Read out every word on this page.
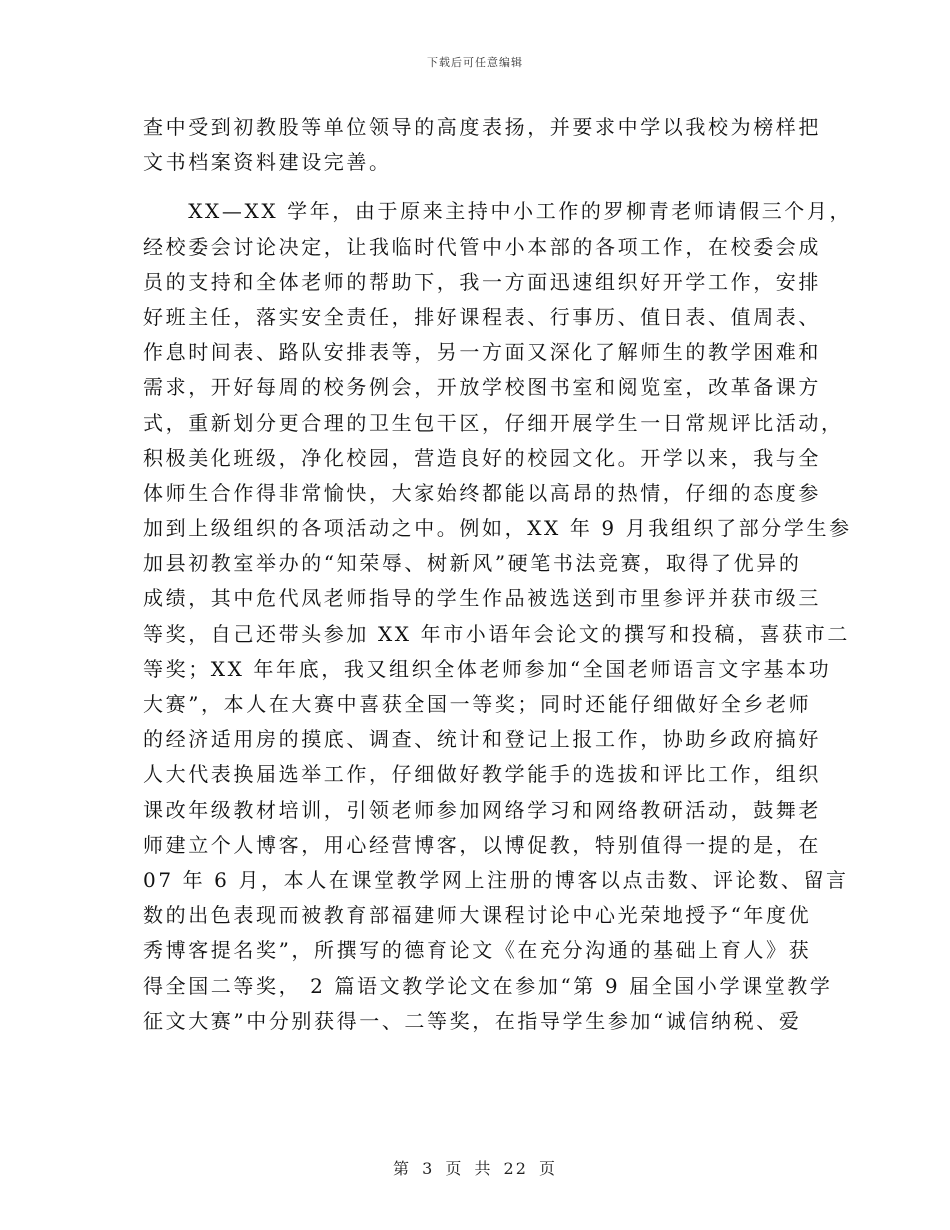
下载后可任意编辑
查中受到初教股等单位领导的高度表扬，并要求中学以我校为榜样把
文书档案资料建设完善。
　　XX—XX 学年，由于原来主持中小工作的罗柳青老师请假三个月，
经校委会讨论决定，让我临时代管中小本部的各项工作，在校委会成
员的支持和全体老师的帮助下，我一方面迅速组织好开学工作，安排
好班主任，落实安全责任，排好课程表、行事历、值日表、值周表、
作息时间表、路队安排表等，另一方面又深化了解师生的教学困难和
需求，开好每周的校务例会，开放学校图书室和阅览室，改革备课方
式，重新划分更合理的卫生包干区，仔细开展学生一日常规评比活动，
积极美化班级，净化校园，营造良好的校园文化。开学以来，我与全
体师生合作得非常愉快，大家始终都能以高昂的热情，仔细的态度参
加到上级组织的各项活动之中。例如，XX 年 9 月我组织了部分学生参
加县初教室举办的“知荣辱、树新风”硬笔书法竞赛，取得了优异的
成绩，其中危代凤老师指导的学生作品被选送到市里参评并获市级三
等奖，自己还带头参加 XX 年市小语年会论文的撰写和投稿，喜获市二
等奖；XX 年年底，我又组织全体老师参加“全国老师语言文字基本功
大赛”，本人在大赛中喜获全国一等奖；同时还能仔细做好全乡老师
的经济适用房的摸底、调查、统计和登记上报工作，协助乡政府搞好
人大代表换届选举工作，仔细做好教学能手的选拔和评比工作，组织
课改年级教材培训，引领老师参加网络学习和网络教研活动，鼓舞老
师建立个人博客，用心经营博客，以博促教，特别值得一提的是，在
07 年 6 月，本人在课堂教学网上注册的博客以点击数、评论数、留言
数的出色表现而被教育部福建师大课程讨论中心光荣地授予“年度优
秀博客提名奖”，所撰写的德育论文《在充分沟通的基础上育人》获
得全国二等奖， 2 篇语文教学论文在参加“第 9 届全国小学课堂教学
征文大赛”中分别获得一、二等奖，在指导学生参加“诚信纳税、爱
第 3 页 共 22 页
